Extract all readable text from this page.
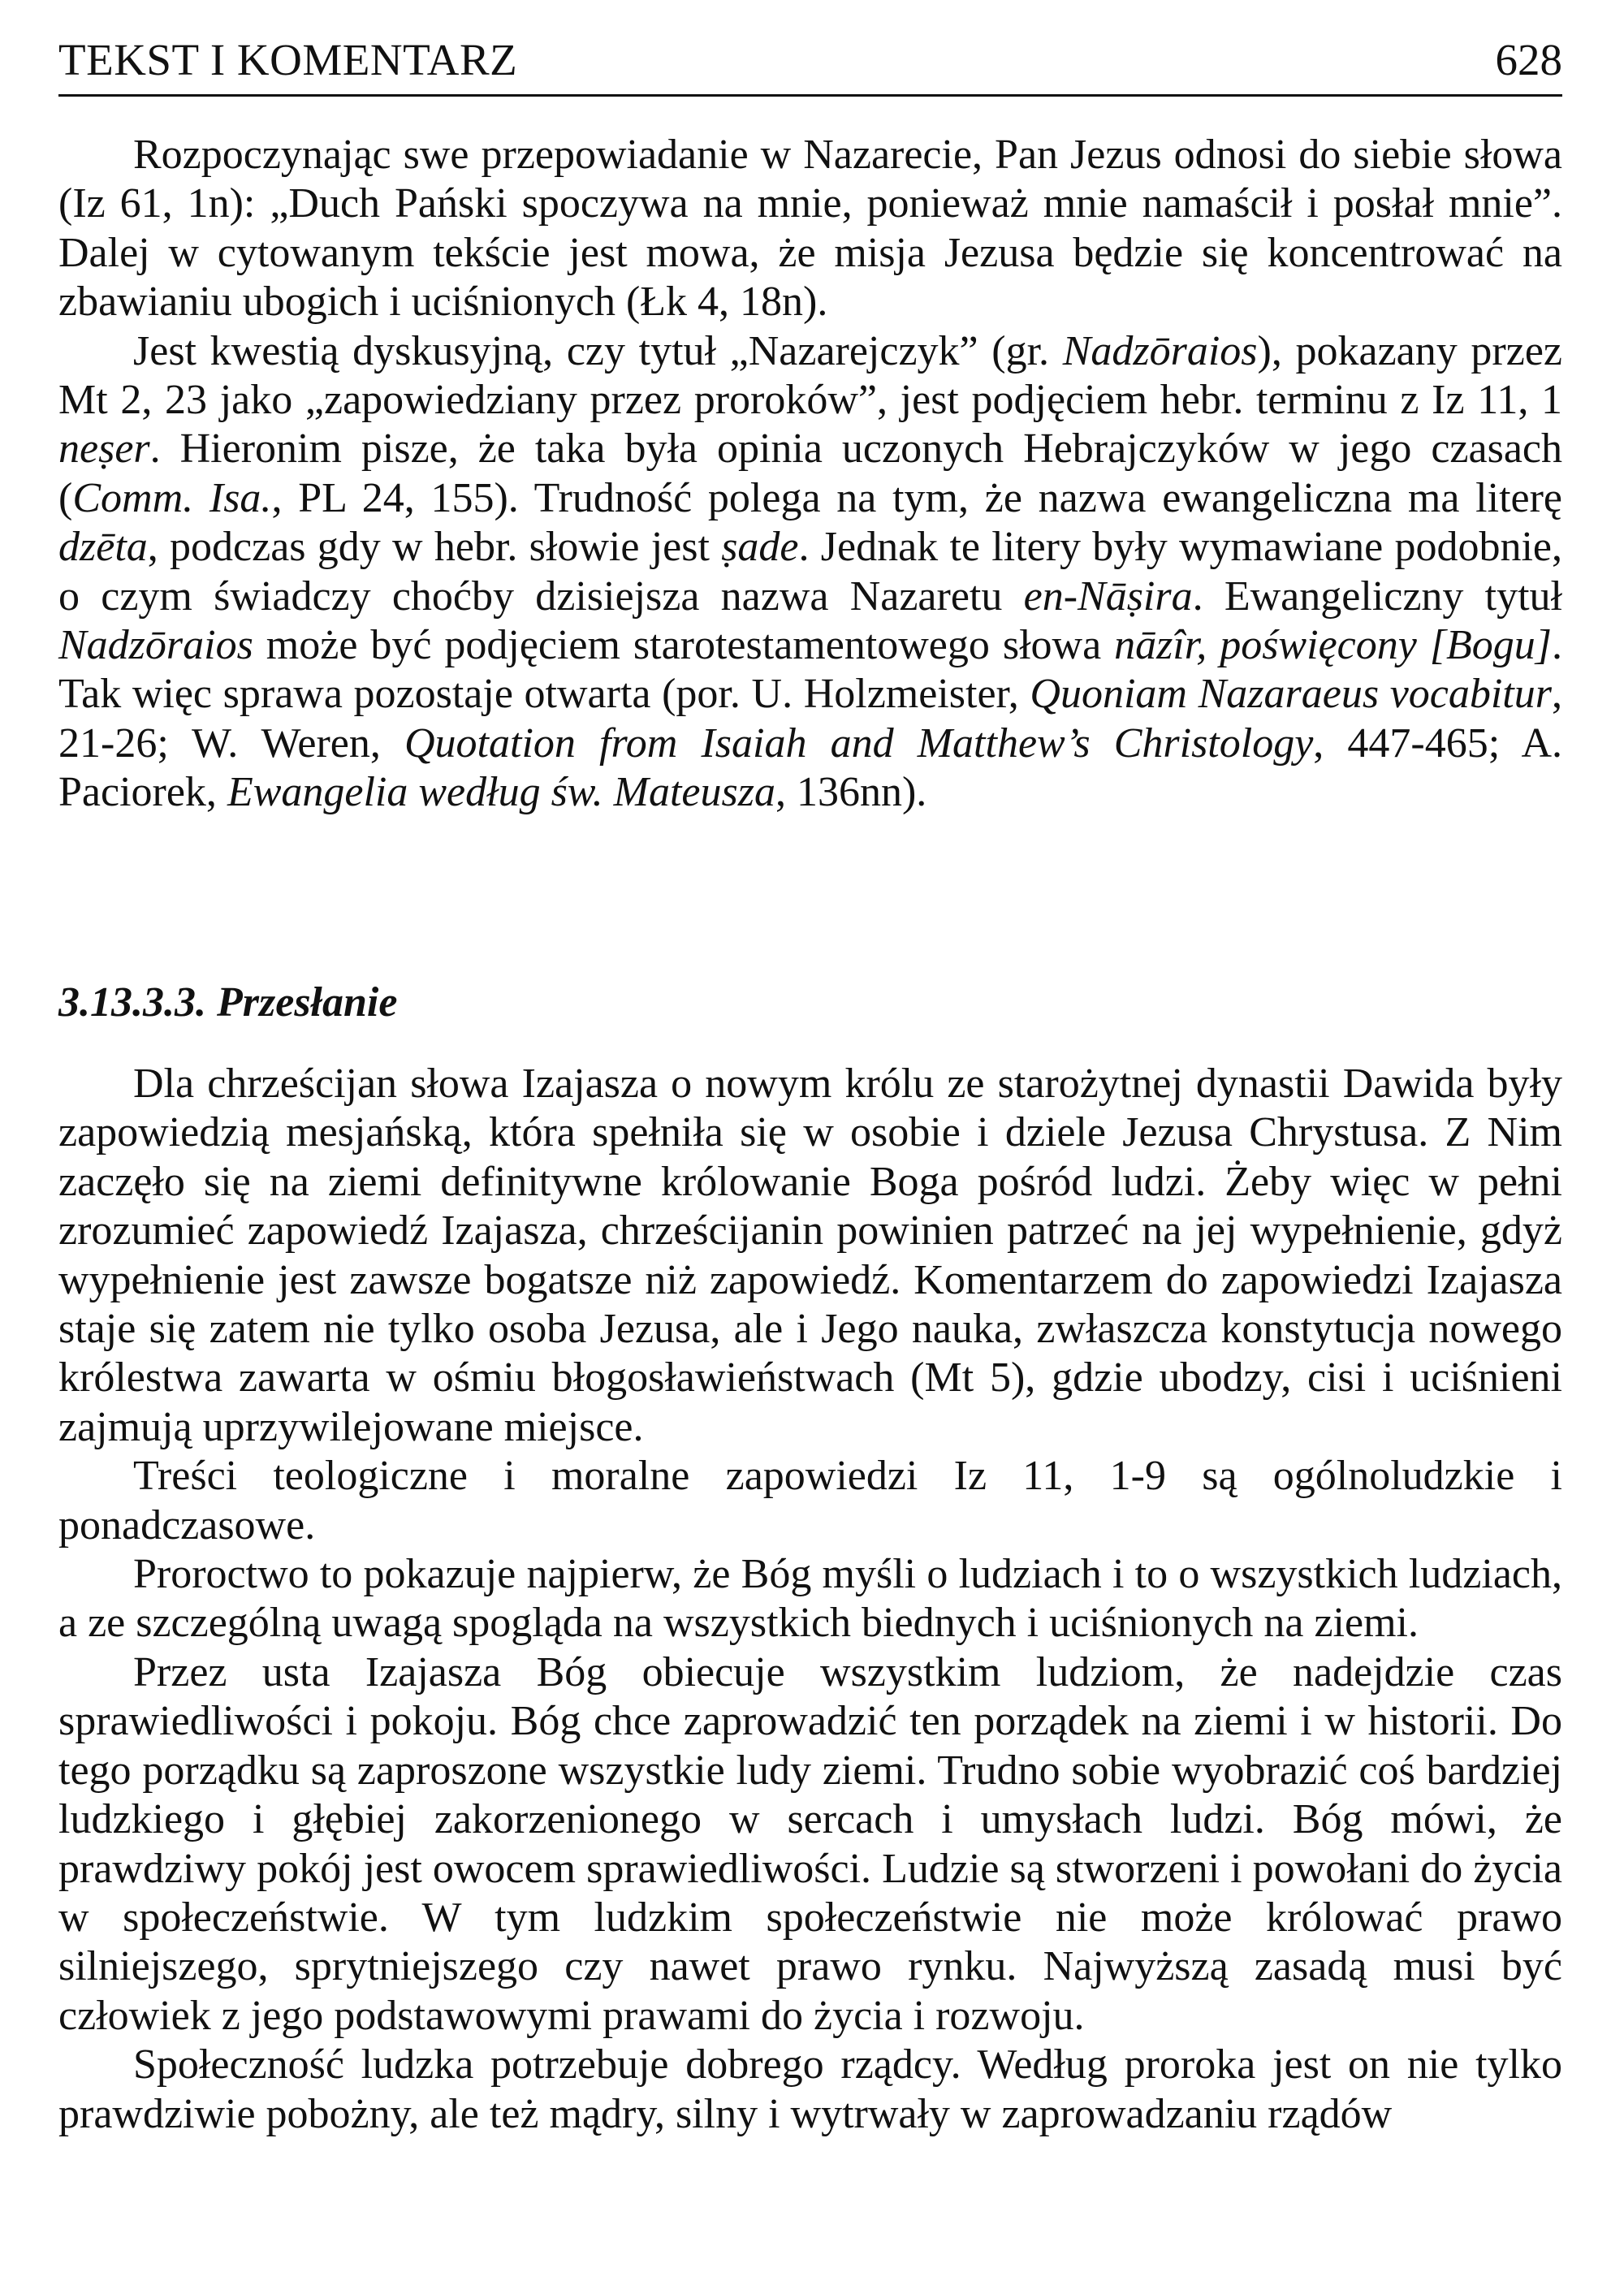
TEKST I KOMENTARZ	628

Rozpoczynając swe przepowiadanie w Nazarecie, Pan Jezus odnosi do siebie słowa (Iz 61, 1n): „Duch Pański spoczywa na mnie, ponieważ mnie namaścił i posłał mnie”. Dalej w cytowanym tekście jest mowa, że misja Jezusa będzie się koncentrować na zbawianiu ubogich i uciśnionych (Łk 4, 18n).

Jest kwestią dyskusyjną, czy tytuł „Nazarejczyk” (gr. Nadzōraios), pokazany przez Mt 2, 23 jako „zapowiedziany przez proroków”, jest podjęciem hebr. terminu z Iz 11, 1 neṣer. Hieronim pisze, że taka była opinia uczonych Hebrajczyków w jego czasach (Comm. Isa., PL 24, 155). Trudność polega na tym, że nazwa ewangeliczna ma literę dzēta, podczas gdy w hebr. słowie jest ṣade. Jednak te litery były wymawiane podobnie, o czym świadczy choćby dzisiejsza nazwa Nazaretu en-Nāṣira. Ewangeliczny tytuł Nadzōraios może być podjęciem starotestamentowego słowa nāzîr, poświęcony [Bogu]. Tak więc sprawa pozostaje otwarta (por. U. Holzmeister, Quoniam Nazaraeus vocabitur, 21-26; W. Weren, Quotation from Isaiah and Matthew’s Christology, 447-465; A. Paciorek, Ewangelia według św. Mateusza, 136nn).

3.13.3.3. Przesłanie

Dla chrześcijan słowa Izajasza o nowym królu ze starożytnej dynastii Dawida były zapowiedzią mesjańską, która spełniła się w osobie i dziele Jezusa Chrystusa. Z Nim zaczęło się na ziemi definitywne królowanie Boga pośród ludzi. Żeby więc w pełni zrozumieć zapowiedź Izajasza, chrześcijanin powinien patrzeć na jej wypełnienie, gdyż wypełnienie jest zawsze bogatsze niż zapowiedź. Komentarzem do zapowiedzi Izajasza staje się zatem nie tylko osoba Jezusa, ale i Jego nauka, zwłaszcza konstytucja nowego królestwa zawarta w ośmiu błogosławieństwach (Mt 5), gdzie ubodzy, cisi i uciśnieni zajmują uprzywilejowane miejsce.

Treści teologiczne i moralne zapowiedzi Iz 11, 1-9 są ogólnoludzkie i ponadczasowe.

Proroctwo to pokazuje najpierw, że Bóg myśli o ludziach i to o wszystkich ludziach, a ze szczególną uwagą spogląda na wszystkich biednych i uciśnionych na ziemi.

Przez usta Izajasza Bóg obiecuje wszystkim ludziom, że nadejdzie czas sprawiedliwości i pokoju. Bóg chce zaprowadzić ten porządek na ziemi i w historii. Do tego porządku są zaproszone wszystkie ludy ziemi. Trudno sobie wyobrazić coś bardziej ludzkiego i głębiej zakorzenionego w sercach i umysłach ludzi. Bóg mówi, że prawdziwy pokój jest owocem sprawiedliwości. Ludzie są stworzeni i powołani do życia w społeczeństwie. W tym ludzkim społeczeństwie nie może królować prawo silniejszego, sprytniejszego czy nawet prawo rynku. Najwyższą zasadą musi być człowiek z jego podstawowymi prawami do życia i rozwoju.

Społeczność ludzka potrzebuje dobrego rządcy. Według proroka jest on nie tylko prawdziwie pobożny, ale też mądry, silny i wytrwały w zaprowadzaniu rządów
